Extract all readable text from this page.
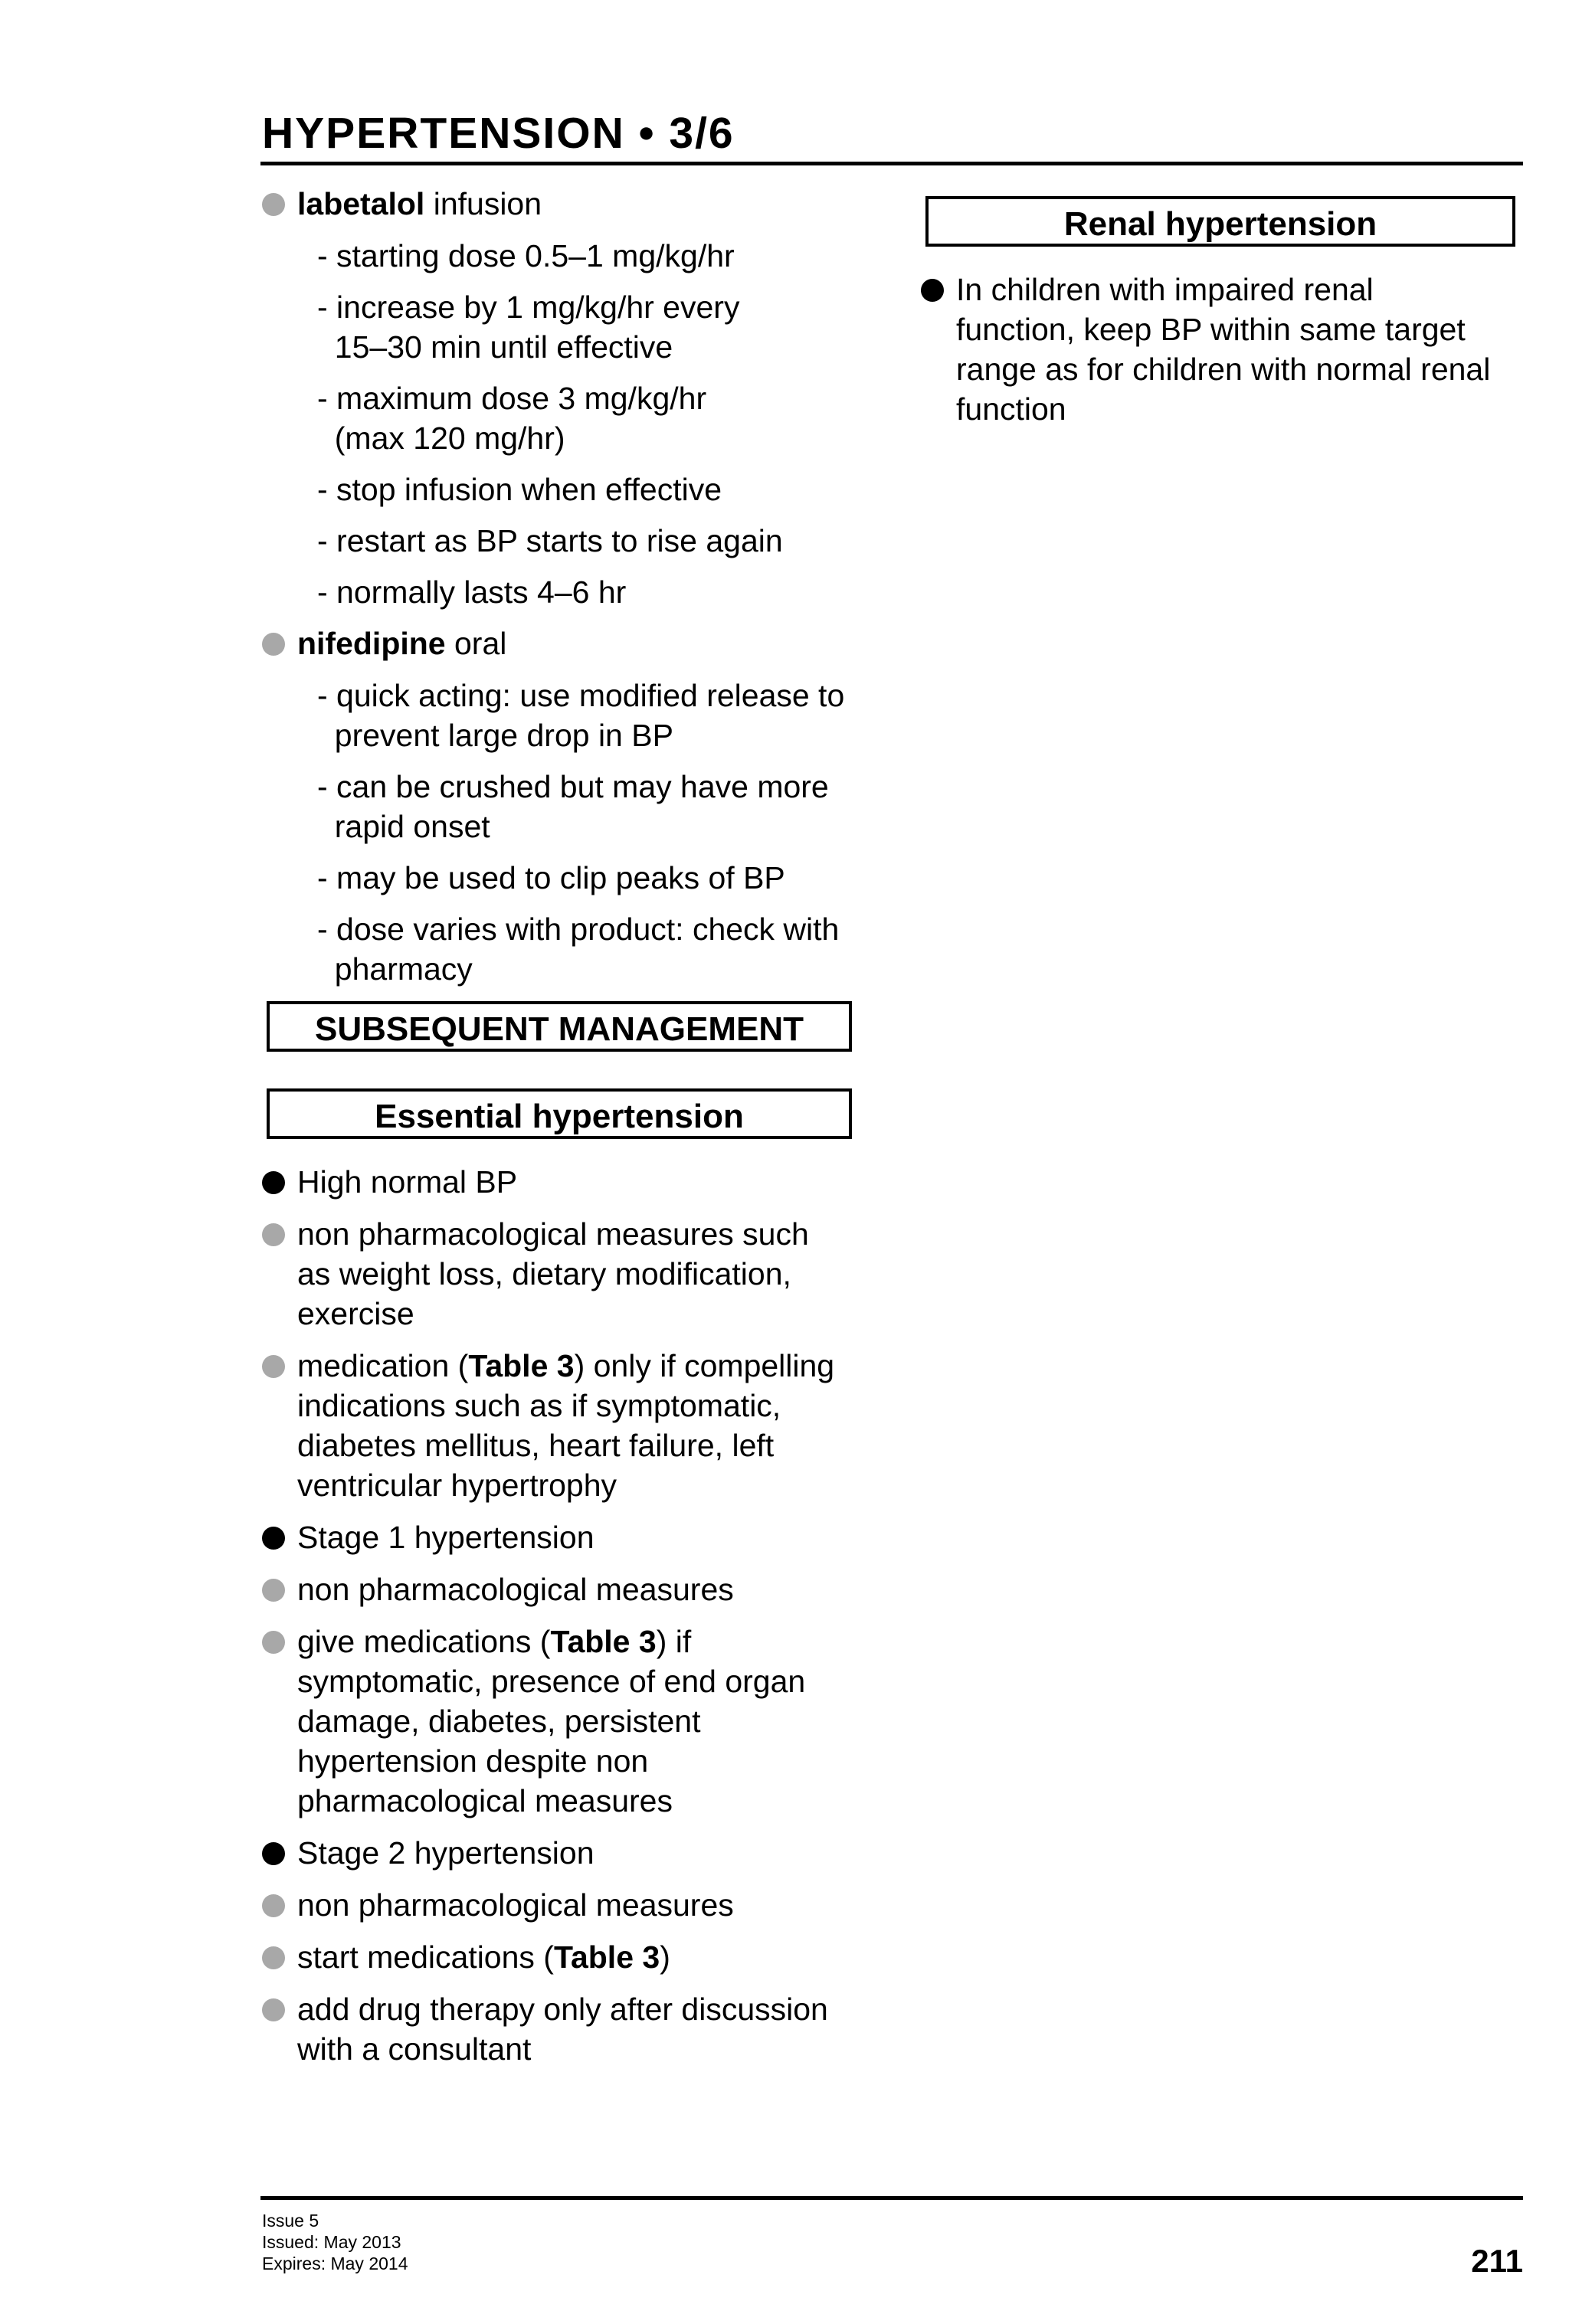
HYPERTENSION • 3/6
labetalol infusion
- starting dose 0.5–1 mg/kg/hr
- increase by 1 mg/kg/hr every
15–30 min until effective
- maximum dose 3 mg/kg/hr
(max 120 mg/hr)
- stop infusion when effective
- restart as BP starts to rise again
- normally lasts 4–6 hr
nifedipine oral
- quick acting: use modified release to
prevent large drop in BP
- can be crushed but may have more
rapid onset
- may be used to clip peaks of BP
- dose varies with product: check with
pharmacy
SUBSEQUENT MANAGEMENT
Essential hypertension
High normal BP
non pharmacological measures such
as weight loss, dietary modification,
exercise
medication (Table 3) only if compelling
indications such as if symptomatic,
diabetes mellitus, heart failure, left
ventricular hypertrophy
Stage 1 hypertension
non pharmacological measures
give medications (Table 3) if
symptomatic, presence of end organ
damage, diabetes, persistent
hypertension despite non
pharmacological measures
Stage 2 hypertension
non pharmacological measures
start medications (Table 3)
add drug therapy only after discussion
with a consultant
Renal hypertension
In children with impaired renal
function, keep BP within same target
range as for children with normal renal
function
Issue 5
Issued: May 2013
Expires: May 2014	211
